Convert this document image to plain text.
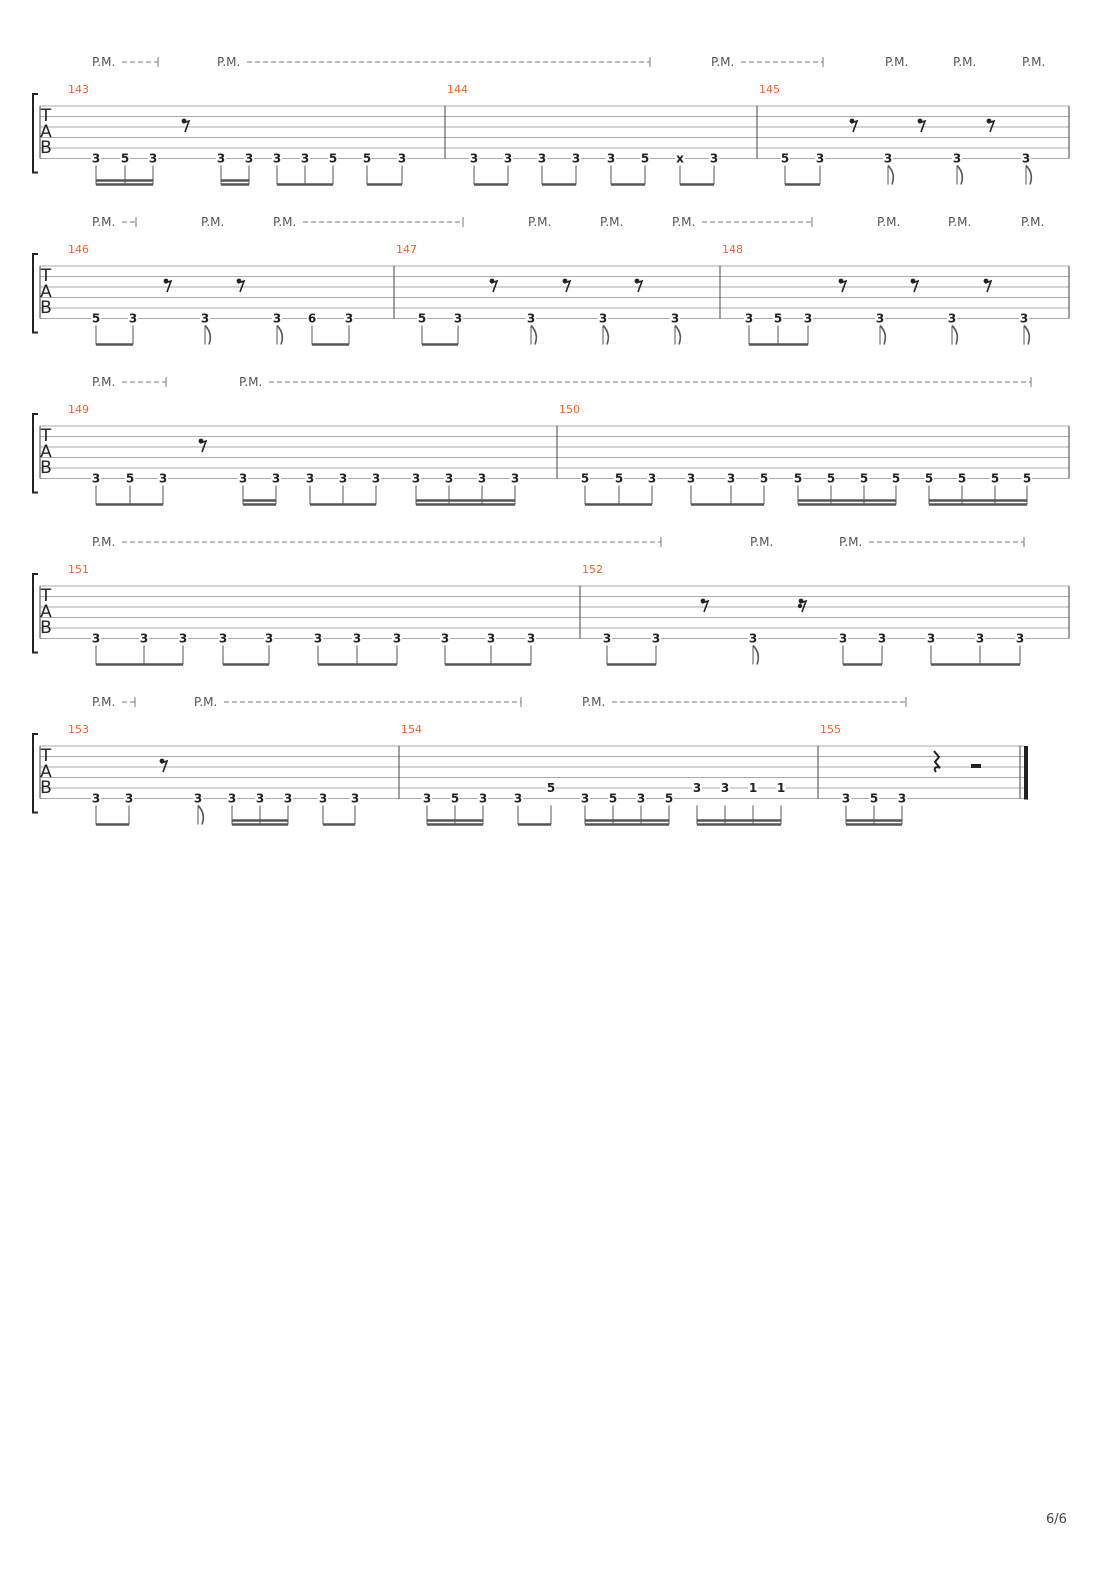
T
A
B
143
3 5 3	3 3 3 3 5 5 3
144
3 3 3 3 3 5 x 3
145
5 3	3	3	3
P.M.	P.M.	P.M.	P.M.	P.M.	P.M.
T
A
B
146
5 3	3	3 6 3
147
5 3	3	3	3
148
3 5 3	3	3	3
P.M.	P.M.	P.M.	P.M.	P.M.	P.M.	P.M.	P.M.	P.M.
T
A
B
149
3 5 3	3 3 3 3 3	3 3 3 3
150
5 5 3	3	3 5 5 5 5 5 5 5 5 5
P.M.	P.M.
T
A
B
151
3	3	3	3	3	3	3	3	3	3	3
152
3	3	3	3	3	3	3	3
P.M.	P.M.	P.M.
T
A
B
153
3 3	3 3 3 3 3 3
154
3 5 3 3
5
3 5 3 5
3 3 1 1
155
3 5 3
P.M.	P.M.	P.M.
6/6
